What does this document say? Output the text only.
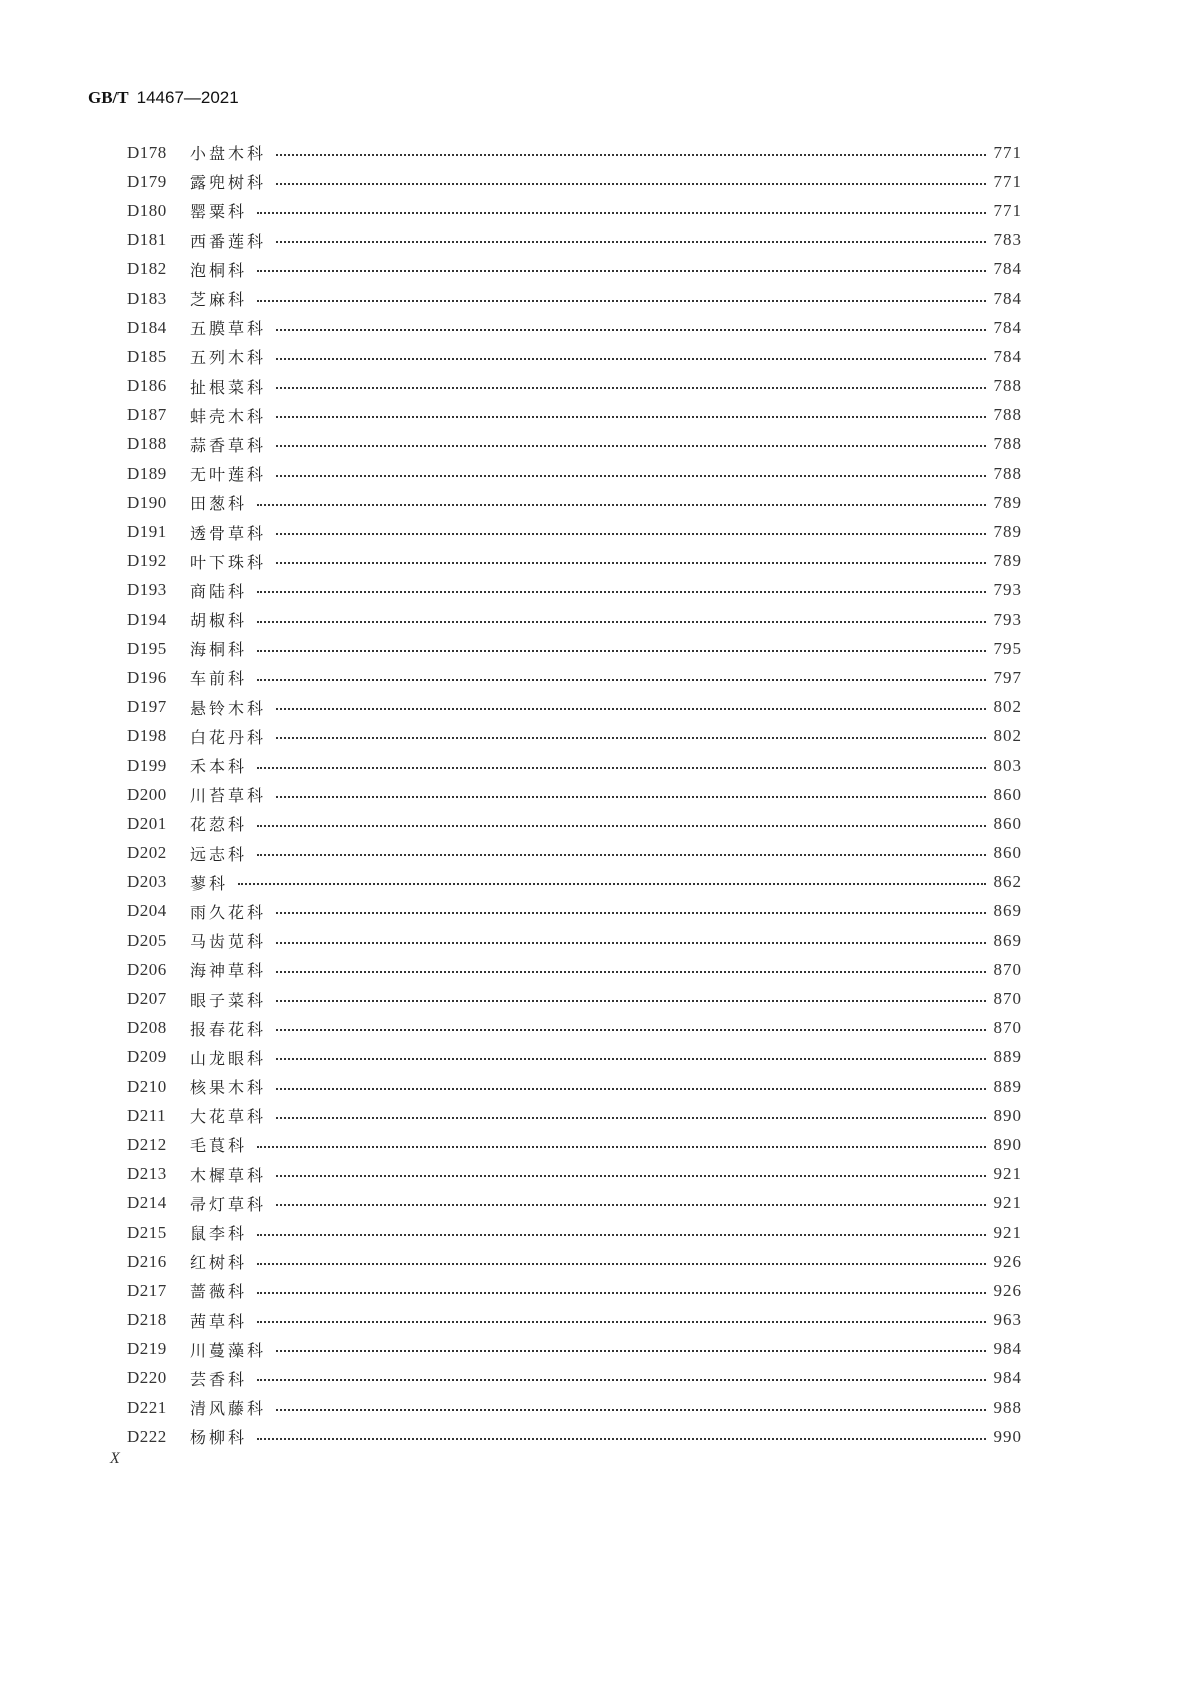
GB/T 14467—2021
D178	小盘木科	771
D179	露兜树科	771
D180	罂粟科	771
D181	西番莲科	783
D182	泡桐科	784
D183	芝麻科	784
D184	五膜草科	784
D185	五列木科	784
D186	扯根菜科	788
D187	蚌壳木科	788
D188	蒜香草科	788
D189	无叶莲科	788
D190	田葱科	789
D191	透骨草科	789
D192	叶下珠科	789
D193	商陆科	793
D194	胡椒科	793
D195	海桐科	795
D196	车前科	797
D197	悬铃木科	802
D198	白花丹科	802
D199	禾本科	803
D200	川苔草科	860
D201	花荵科	860
D202	远志科	860
D203	蓼科	862
D204	雨久花科	869
D205	马齿苋科	869
D206	海神草科	870
D207	眼子菜科	870
D208	报春花科	870
D209	山龙眼科	889
D210	核果木科	889
D211	大花草科	890
D212	毛茛科	890
D213	木樨草科	921
D214	帚灯草科	921
D215	鼠李科	921
D216	红树科	926
D217	蔷薇科	926
D218	茜草科	963
D219	川蔓藻科	984
D220	芸香科	984
D221	清风藤科	988
D222	杨柳科	990
X
